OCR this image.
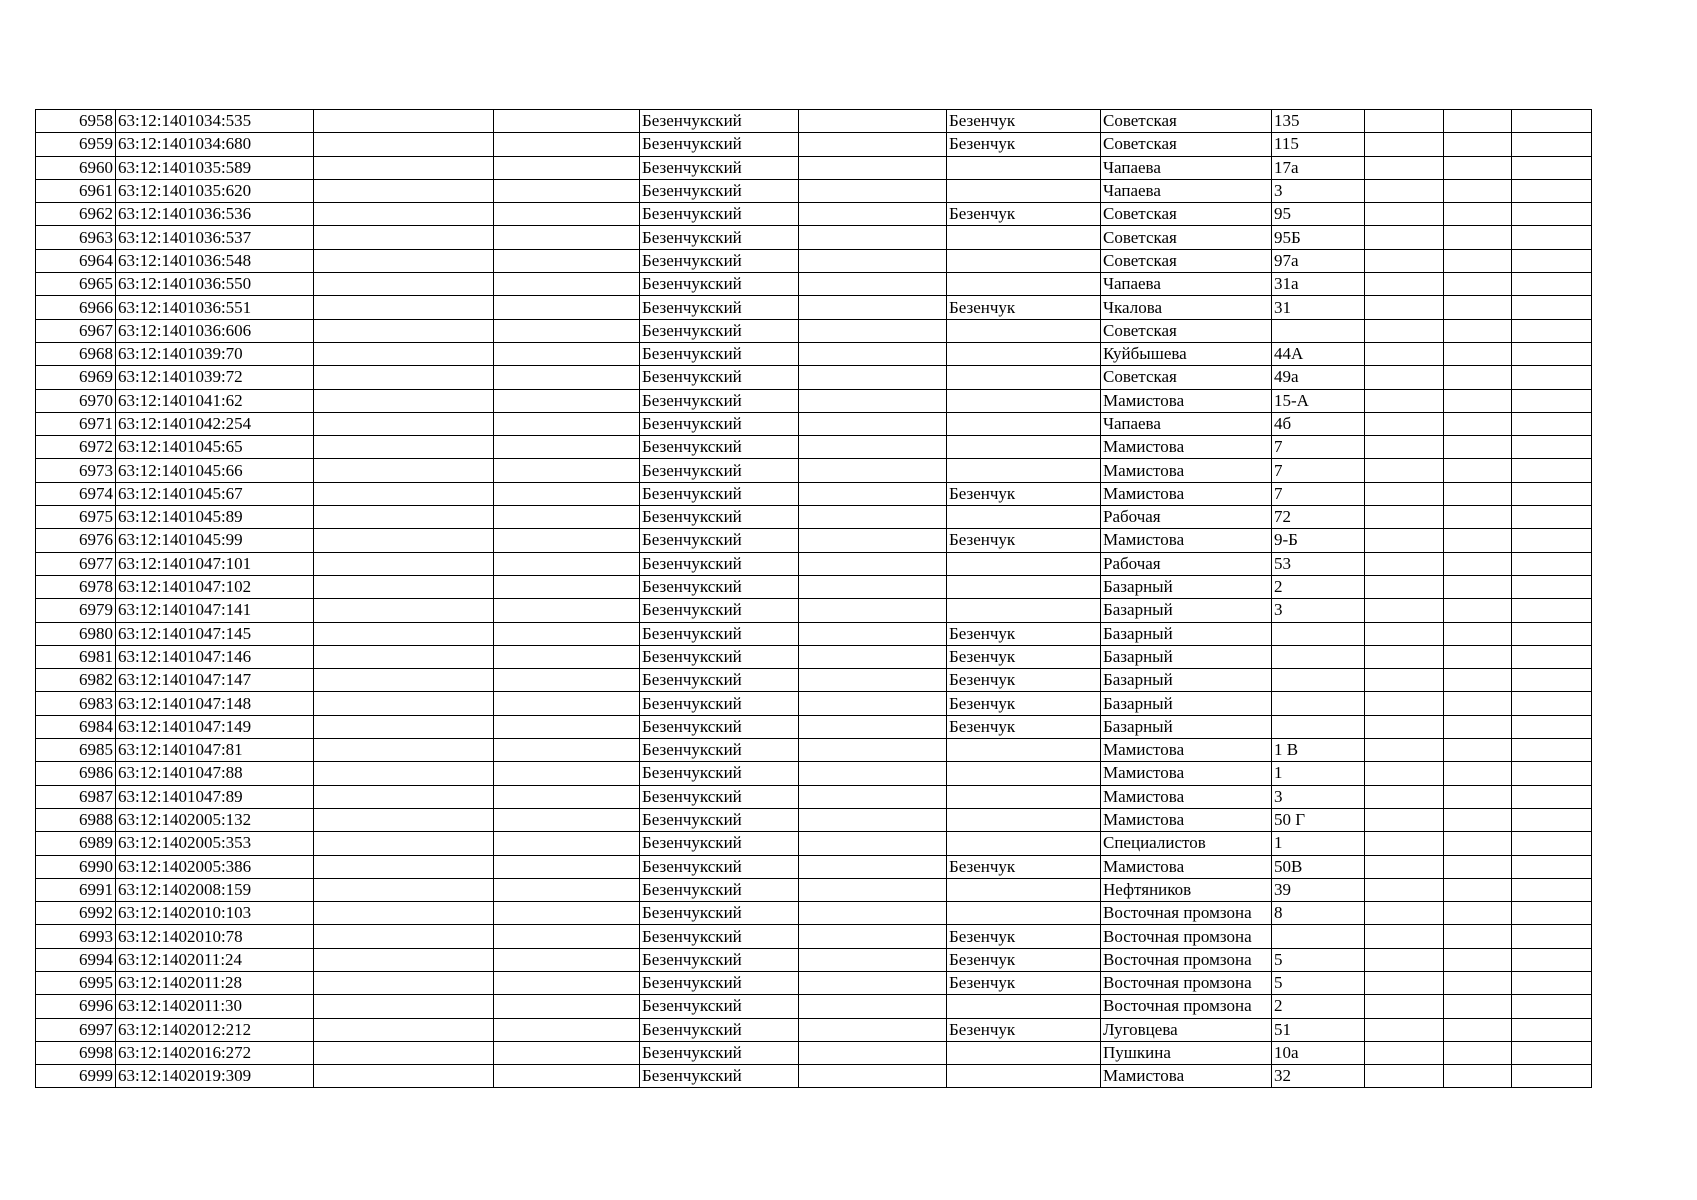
6958	63:12:1401034:535			Безенчукский		Безенчук	Советская	135			
6959	63:12:1401034:680			Безенчукский		Безенчук	Советская	115			
6960	63:12:1401035:589			Безенчукский			Чапаева	17а			
6961	63:12:1401035:620			Безенчукский			Чапаева	3			
6962	63:12:1401036:536			Безенчукский		Безенчук	Советская	95			
6963	63:12:1401036:537			Безенчукский			Советская	95Б			
6964	63:12:1401036:548			Безенчукский			Советская	97а			
6965	63:12:1401036:550			Безенчукский			Чапаева	31а			
6966	63:12:1401036:551			Безенчукский		Безенчук	Чкалова	31			
6967	63:12:1401036:606			Безенчукский			Советская				
6968	63:12:1401039:70			Безенчукский			Куйбышева	44А			
6969	63:12:1401039:72			Безенчукский			Советская	49а			
6970	63:12:1401041:62			Безенчукский			Мамистова	15-А			
6971	63:12:1401042:254			Безенчукский			Чапаева	4б			
6972	63:12:1401045:65			Безенчукский			Мамистова	7			
6973	63:12:1401045:66			Безенчукский			Мамистова	7			
6974	63:12:1401045:67			Безенчукский		Безенчук	Мамистова	7			
6975	63:12:1401045:89			Безенчукский			Рабочая	72			
6976	63:12:1401045:99			Безенчукский		Безенчук	Мамистова	9-Б			
6977	63:12:1401047:101			Безенчукский			Рабочая	53			
6978	63:12:1401047:102			Безенчукский			Базарный	2			
6979	63:12:1401047:141			Безенчукский			Базарный	3			
6980	63:12:1401047:145			Безенчукский		Безенчук	Базарный				
6981	63:12:1401047:146			Безенчукский		Безенчук	Базарный				
6982	63:12:1401047:147			Безенчукский		Безенчук	Базарный				
6983	63:12:1401047:148			Безенчукский		Безенчук	Базарный				
6984	63:12:1401047:149			Безенчукский		Безенчук	Базарный				
6985	63:12:1401047:81			Безенчукский			Мамистова	1 В			
6986	63:12:1401047:88			Безенчукский			Мамистова	1			
6987	63:12:1401047:89			Безенчукский			Мамистова	3			
6988	63:12:1402005:132			Безенчукский			Мамистова	50 Г			
6989	63:12:1402005:353			Безенчукский			Специалистов	1			
6990	63:12:1402005:386			Безенчукский		Безенчук	Мамистова	50В			
6991	63:12:1402008:159			Безенчукский			Нефтяников	39			
6992	63:12:1402010:103			Безенчукский			Восточная промзона	8			
6993	63:12:1402010:78			Безенчукский		Безенчук	Восточная промзона				
6994	63:12:1402011:24			Безенчукский		Безенчук	Восточная промзона	5			
6995	63:12:1402011:28			Безенчукский		Безенчук	Восточная промзона	5			
6996	63:12:1402011:30			Безенчукский			Восточная промзона	2			
6997	63:12:1402012:212			Безенчукский		Безенчук	Луговцева	51			
6998	63:12:1402016:272			Безенчукский			Пушкина	10а			
6999	63:12:1402019:309			Безенчукский			Мамистова	32			
